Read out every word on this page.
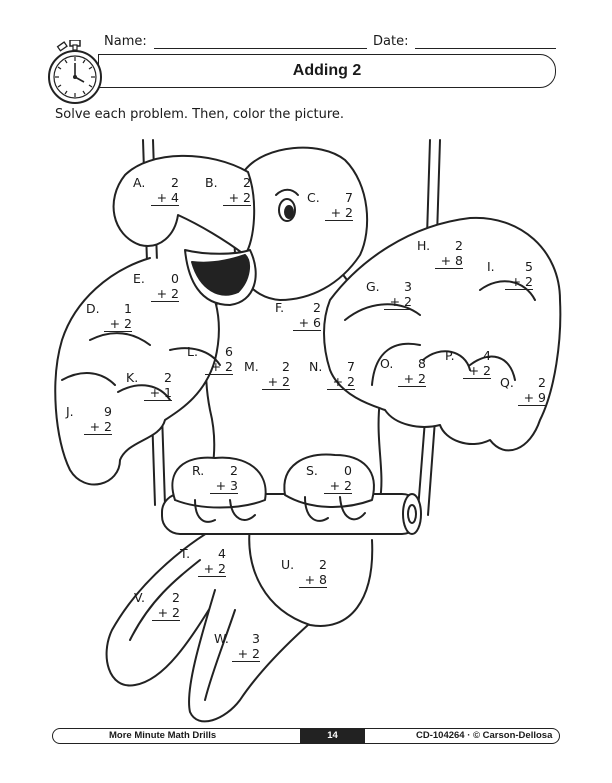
Name:	Date:
Adding 2
Solve each problem. Then, color the picture.
A.	2
+ 4
B.	2
+ 2	C.	7
+ 2
D.	1
+ 2
E.	0
+ 2
F.	2
+ 6
G.	3
+ 2
H.	2
+ 8 I.	5
+ 2
J.	9
+ 2
K.	2
+ 1
L.	6
+ 2 M.	2
+ 2
N.	7
+ 2
O.	8
+ 2
P.	4
+ 2
Q.	2
+ 9
R.	2
+ 3
S.	0
+ 2
T.	4
+ 2	U.	2
+ 8
V.	2
+ 2
W.	3
+ 2
More Minute Math Drills	14	CD-104264 · © Carson-Dellosa
